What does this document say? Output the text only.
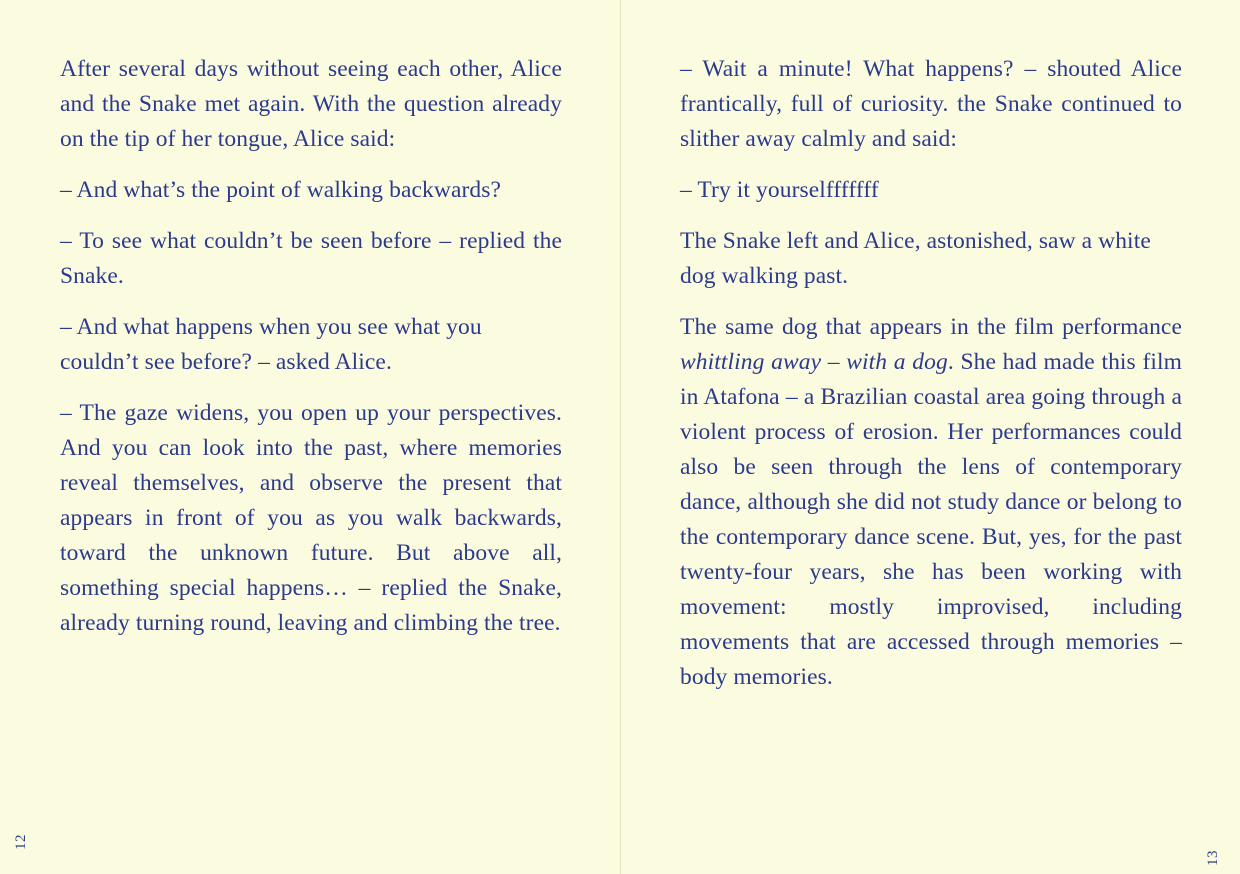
After several days without seeing each other, Alice and the Snake met again. With the question already on the tip of her tongue, Alice said:

– And what’s the point of walking backwards?

– To see what couldn’t be seen before – replied the Snake.

– And what happens when you see what you couldn’t see before? – asked Alice.

– The gaze widens, you open up your perspectives. And you can look into the past, where memories reveal themselves, and observe the present that appears in front of you as you walk backwards, toward the unknown future. But above all, something special happens… – replied the Snake, already turning round, leaving and climbing the tree.

12

– Wait a minute! What happens? – shouted Alice frantically, full of curiosity. the Snake continued to slither away calmly and said:

– Try it yourselfffffff

The Snake left and Alice, astonished, saw a white dog walking past.

The same dog that appears in the film performance whittling away – with a dog. She had made this film in Atafona – a Brazilian coastal area going through a violent process of erosion. Her performances could also be seen through the lens of contemporary dance, although she did not study dance or belong to the contemporary dance scene. But, yes, for the past twenty-four years, she has been working with movement: mostly improvised, including movements that are accessed through memories – body memories.

13
